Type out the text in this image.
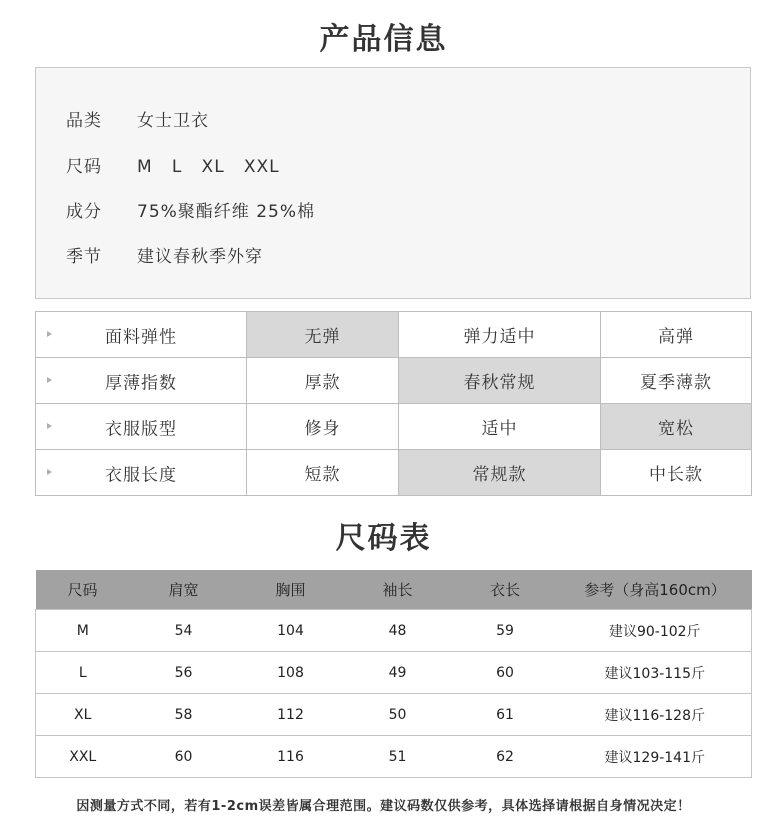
产品信息
品类 女士卫衣
尺码 M   L   XL   XXL
成分 75%聚酯纤维 25%棉
季节 建议春秋季外穿
面料弹性	无弹	弹力适中	高弹

厚薄指数	厚款	春秋常规	夏季薄款

衣服版型	修身	适中	宽松

衣服长度	短款	常规款	中长款
尺码表
尺码	肩宽	胸围	袖长	衣长	参考（身高160cm）
M	54	104	48	59	建议90-102斤
L	56	108	49	60	建议103-115斤
XL	58	112	50	61	建议116-128斤
XXL	60	116	51	62	建议129-141斤
因测量方式不同，若有1-2cm误差皆属合理范围。建议码数仅供参考，具体选择请根据自身情况决定！
